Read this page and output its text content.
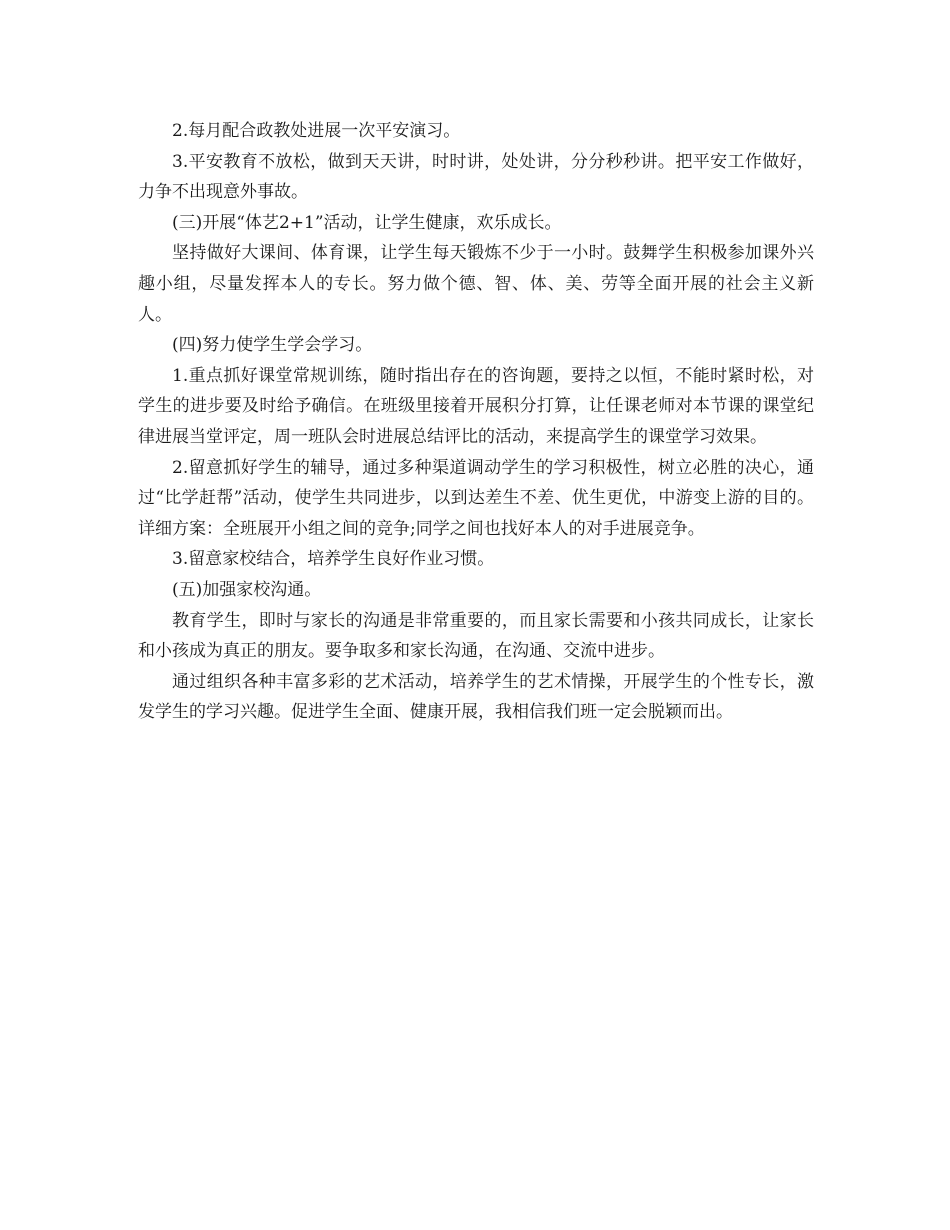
2.每月配合政教处进展一次平安演习。

3.平安教育不放松，做到天天讲，时时讲，处处讲，分分秒秒讲。把平安工作做好，力争不出现意外事故。

(三)开展“体艺2+1”活动，让学生健康，欢乐成长。

坚持做好大课间、体育课，让学生每天锻炼不少于一小时。鼓舞学生积极参加课外兴趣小组，尽量发挥本人的专长。努力做个德、智、体、美、劳等全面开展的社会主义新人。

(四)努力使学生学会学习。

1.重点抓好课堂常规训练，随时指出存在的咨询题，要持之以恒，不能时紧时松，对学生的进步要及时给予确信。在班级里接着开展积分打算，让任课老师对本节课的课堂纪律进展当堂评定，周一班队会时进展总结评比的活动，来提高学生的课堂学习效果。

2.留意抓好学生的辅导，通过多种渠道调动学生的学习积极性，树立必胜的决心，通过“比学赶帮”活动，使学生共同进步，以到达差生不差、优生更优，中游变上游的目的。详细方案：全班展开小组之间的竞争;同学之间也找好本人的对手进展竞争。

3.留意家校结合，培养学生良好作业习惯。

(五)加强家校沟通。

教育学生，即时与家长的沟通是非常重要的，而且家长需要和小孩共同成长，让家长和小孩成为真正的朋友。要争取多和家长沟通，在沟通、交流中进步。

通过组织各种丰富多彩的艺术活动，培养学生的艺术情操，开展学生的个性专长，激发学生的学习兴趣。促进学生全面、健康开展，我相信我们班一定会脱颖而出。
